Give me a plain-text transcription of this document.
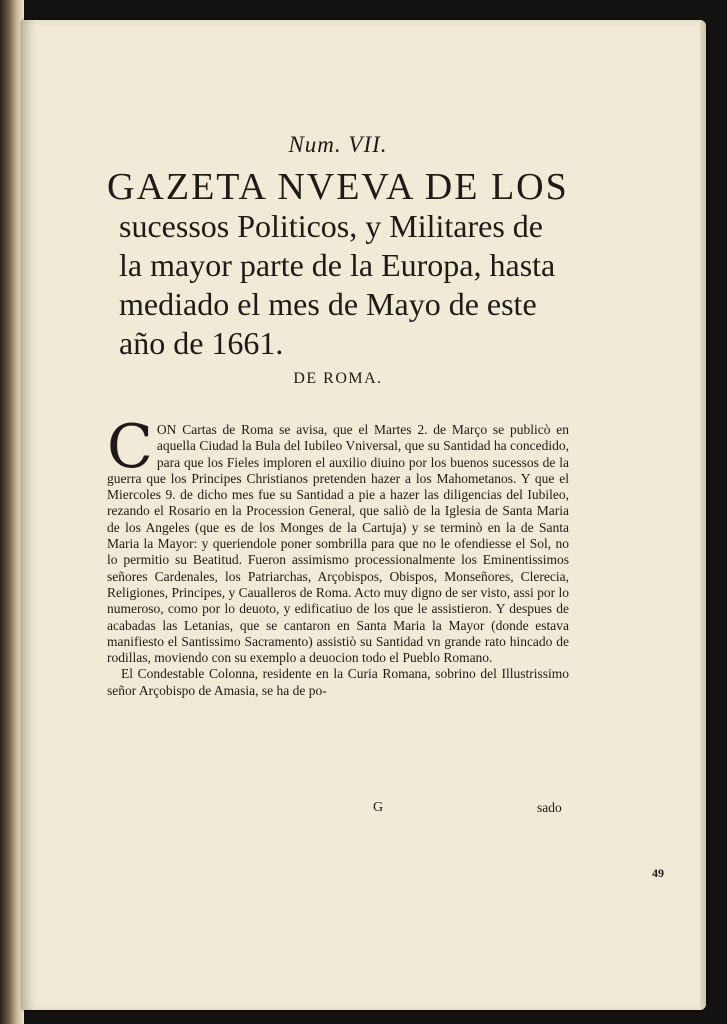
Num. VII.
GAZETA NVEVA DE LOS
sucessos Politicos, y Militares de la mayor parte de la Europa, hasta mediado el mes de Mayo de este año de 1661.
DE ROMA.

C ON Cartas de Roma se avisa, que el Martes 2. de Março se publicò en aquella Ciudad la Bula del Iubileo Vniversal, que su Santidad ha concedido, para que los Fieles imploren el auxilio diuino por los buenos sucessos de la guerra que los Principes Christianos pretenden hazer a los Mahometanos. Y que el Miercoles 9. de dicho mes fue su Santidad a pie a hazer las diligencias del Iubileo, rezando el Rosario en la Procession General, que saliò de la Iglesia de Santa Maria de los Angeles (que es de los Monges de la Cartuja) y se terminò en la de Santa Maria la Mayor: y queriendole poner sombrilla para que no le ofendiesse el Sol, no lo permitio su Beatitud. Fueron assimismo processionalmente los Eminentissimos señores Cardenales, los Patriarchas, Arçobispos, Obispos, Monseñores, Clerecia, Religiones, Principes, y Caualleros de Roma. Acto muy digno de ser visto, assi por lo numeroso, como por lo deuoto, y edificatiuo de los que le assistieron. Y despues de acabadas las Letanias, que se cantaron en Santa Maria la Mayor (donde estava manifiesto el Santissimo Sacramento) assistiò su Santidad vn grande rato hincado de rodillas, moviendo con su exemplo a deuocion todo el Pueblo Romano.

El Condestable Colonna, residente en la Curia Romana, sobrino del Illustrissimo señor Arçobispo de Amasia, se ha de po-

G	sado
49
